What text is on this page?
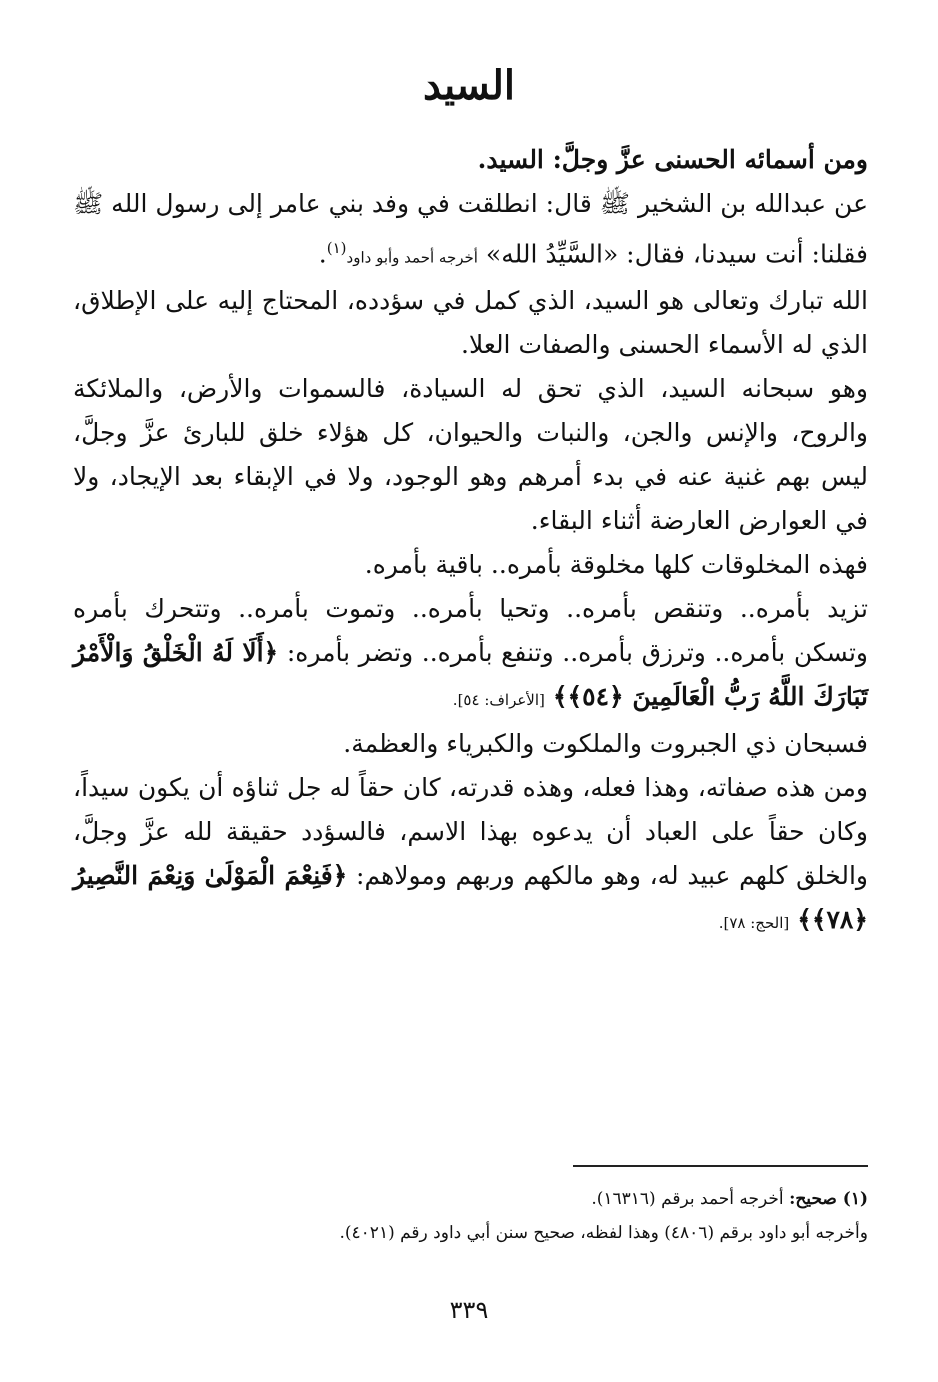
السيد

ومن أسمائه الحسنى عزَّ وجلَّ: السيد.

عن عبدالله بن الشخير ﷺ قال: انطلقت في وفد بني عامر إلى رسول الله ﷺ فقلنا: أنت سيدنا، فقال: «السَّيِّدُ الله» أخرجه أحمد وأبو داود$^{(١)}$.

الله تبارك وتعالى هو السيد، الذي كمل في سؤدده، المحتاج إليه على الإطلاق، الذي له الأسماء الحسنى والصفات العلا.

وهو سبحانه السيد، الذي تحق له السيادة، فالسموات والأرض، والملائكة والروح، والإنس والجن، والنبات والحيوان، كل هؤلاء خلق للبارئ عزَّ وجلَّ، ليس بهم غنية عنه في بدء أمرهم وهو الوجود، ولا في الإبقاء بعد الإيجاد، ولا في العوارض العارضة أثناء البقاء.

فهذه المخلوقات كلها مخلوقة بأمره.. باقية بأمره.

تزيد بأمره.. وتنقص بأمره.. وتحيا بأمره.. وتموت بأمره.. وتتحرك بأمره وتسكن بأمره.. وترزق بأمره.. وتنفع بأمره.. وتضر بأمره: ﴿أَلَا لَهُ الْخَلْقُ وَالْأَمْرُ تَبَارَكَ اللَّهُ رَبُّ الْعَالَمِينَ ﴿٥٤﴾﴾ [الأعراف: ٥٤].

فسبحان ذي الجبروت والملكوت والكبرياء والعظمة.

ومن هذه صفاته، وهذا فعله، وهذه قدرته، كان حقاً له جل ثناؤه أن يكون سيداً، وكان حقاً على العباد أن يدعوه بهذا الاسم، فالسؤدد حقيقة لله عزَّ وجلَّ، والخلق كلهم عبيد له، وهو مالكهم وربهم ومولاهم: ﴿فَنِعْمَ الْمَوْلَىٰ وَنِعْمَ النَّصِيرُ ﴿٧٨﴾﴾ [الحج: ٧٨].

(١) صحيح: أخرجه أحمد برقم (١٦٣١٦).

وأخرجه أبو داود برقم (٤٨٠٦) وهذا لفظه، صحيح سنن أبي داود رقم (٤٠٢١).

٣٣٩
